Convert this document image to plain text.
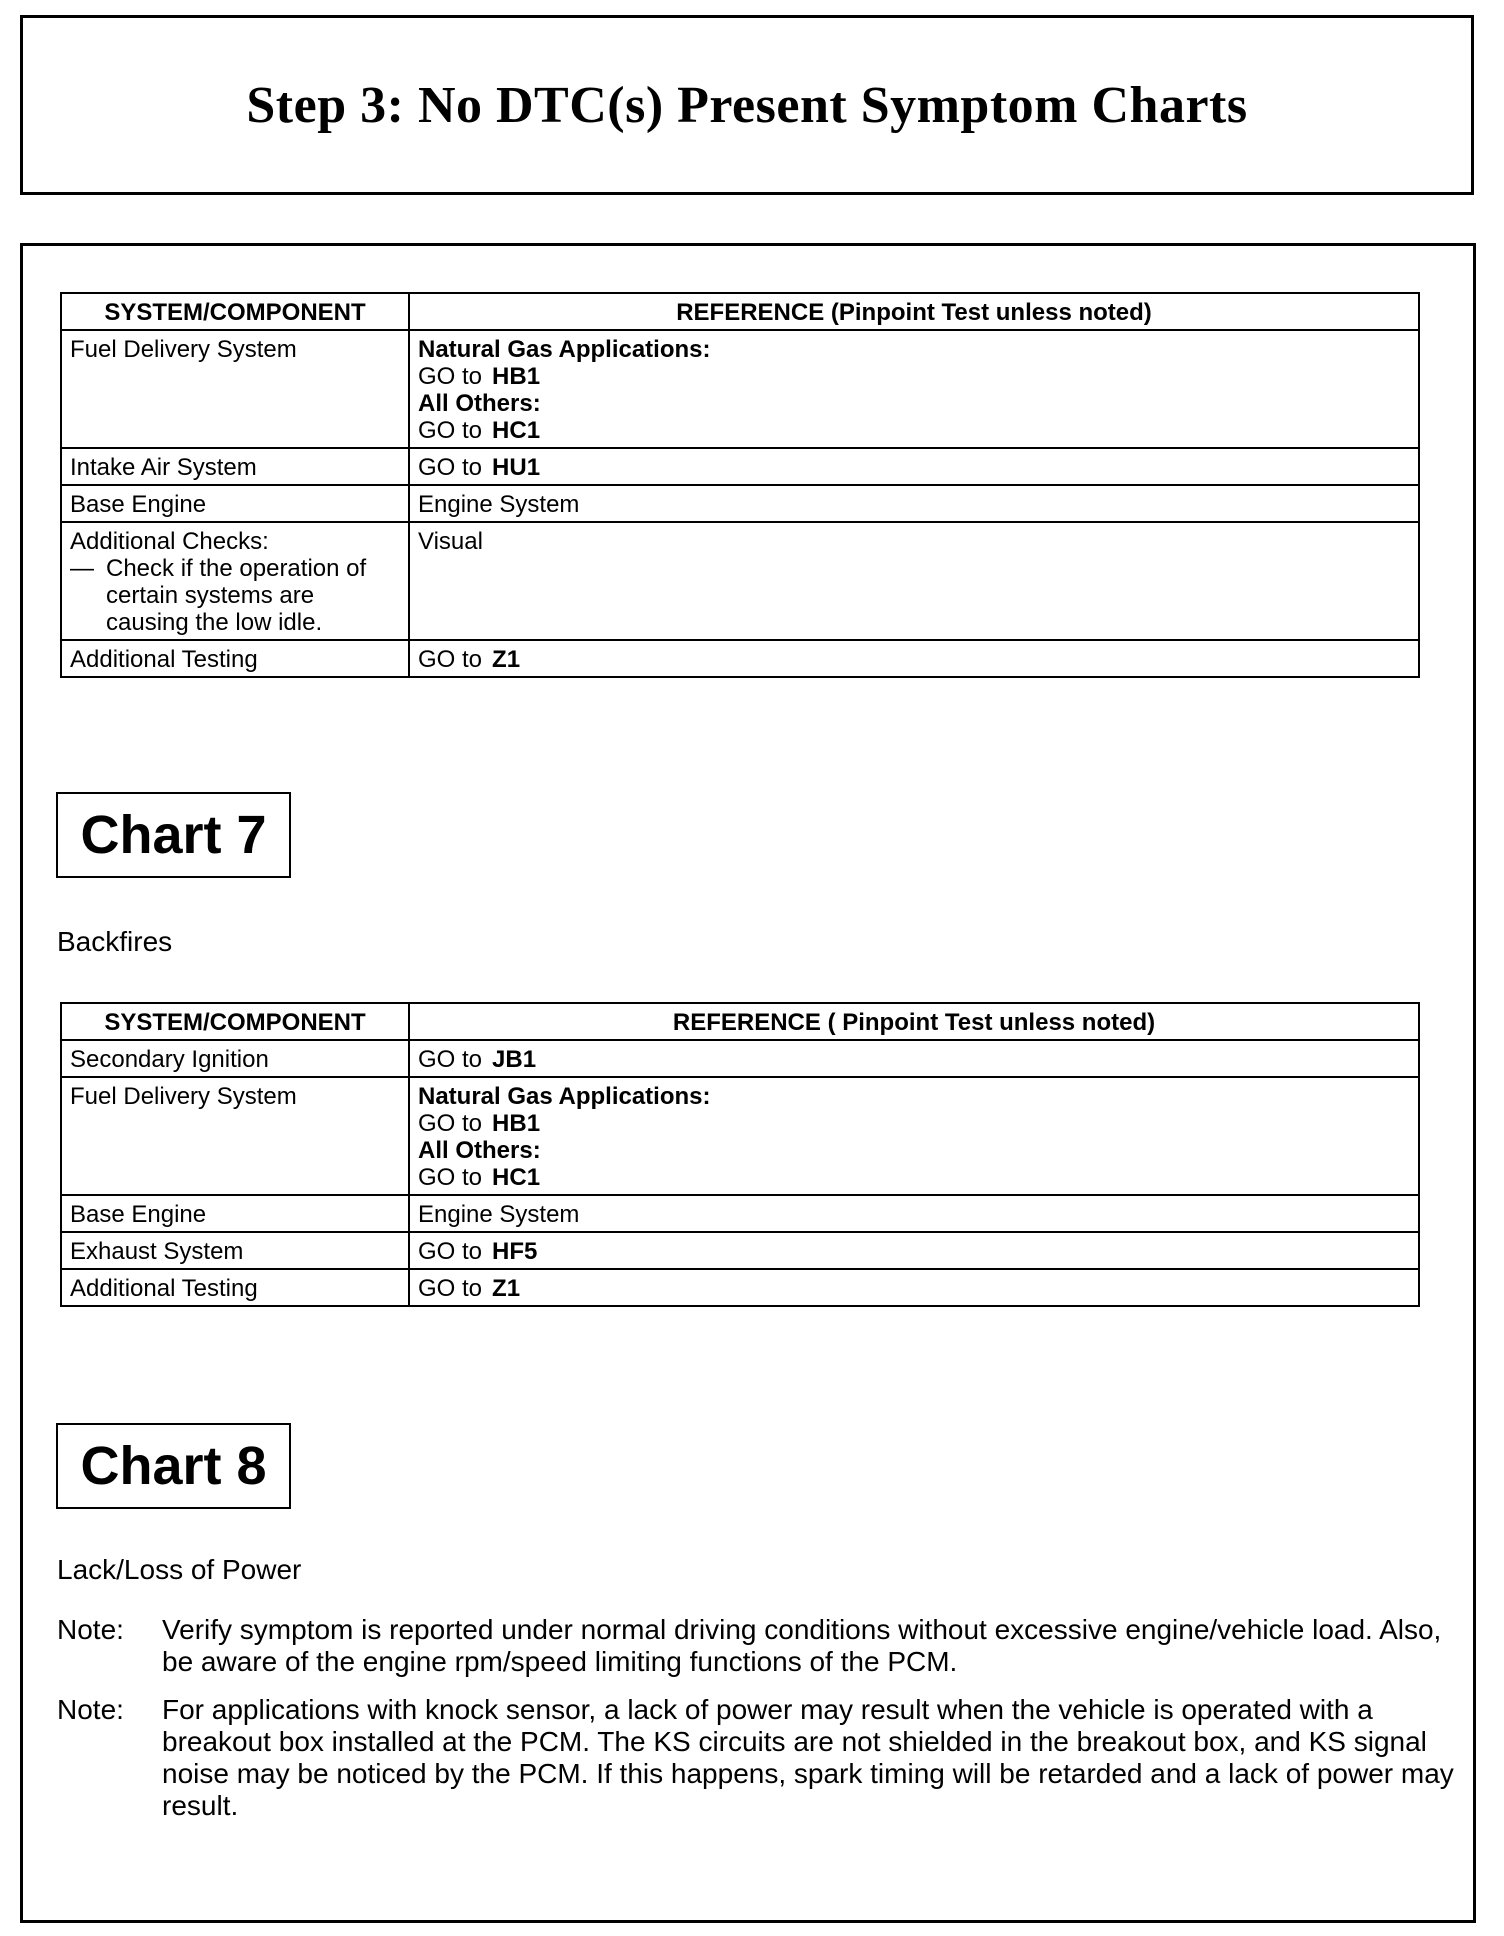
Step 3: No DTC(s) Present Symptom Charts
SYSTEM/COMPONENT	REFERENCE (Pinpoint Test unless noted)
Fuel Delivery System	Natural Gas Applications:
GO to HB1
All Others:
GO to HC1

Intake Air System	GO to HU1
Base Engine	Engine System

Additional Checks:
— Check if the operation of certain systems are causing the low idle.	Visual
Additional Testing	GO to Z1
Chart 7
Backfires
SYSTEM/COMPONENT	REFERENCE ( Pinpoint Test unless noted)
Secondary Ignition	GO to JB1
Fuel Delivery System	Natural Gas Applications:
GO to HB1
All Others:
GO to HC1

Base Engine	Engine System
Exhaust System	GO to HF5
Additional Testing	GO to Z1
Chart 8
Lack/Loss of Power
Note:	Verify symptom is reported under normal driving conditions without excessive engine/vehicle load. Also, be aware of the engine rpm/speed limiting functions of the PCM.
Note:	For applications with knock sensor, a lack of power may result when the vehicle is operated with a breakout box installed at the PCM. The KS circuits are not shielded in the breakout box, and KS signal noise may be noticed by the PCM. If this happens, spark timing will be retarded and a lack of power may result.
